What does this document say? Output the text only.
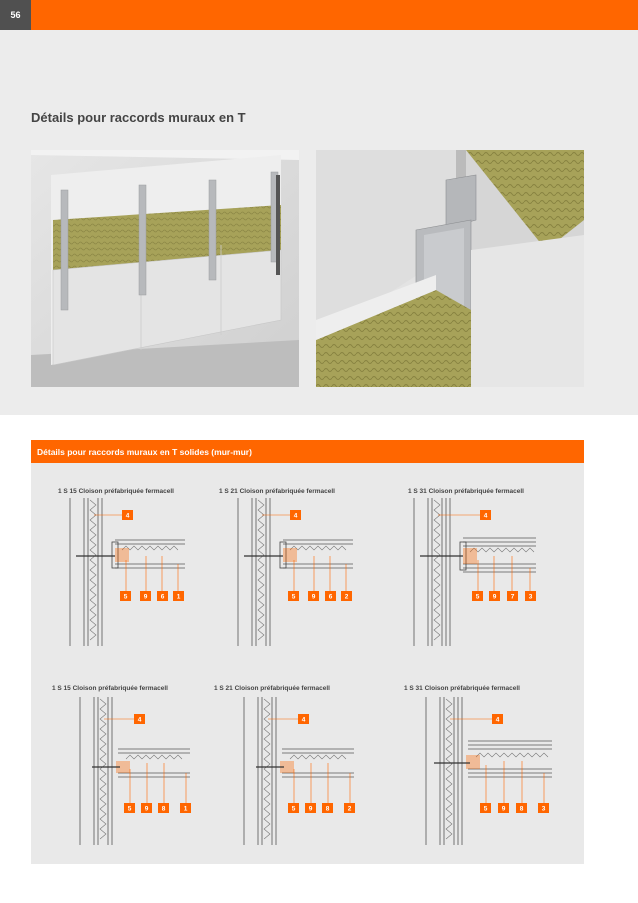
56
Détails pour raccords muraux en T
Détails pour raccords muraux en T solides (mur-mur)
1 S 15 Cloison préfabriquée fermacell	1 S 21 Cloison préfabriquée fermacell	1 S 31 Cloison préfabriquée fermacell
1 S 15 Cloison préfabriquée fermacell	1 S 21 Cloison préfabriquée fermacell	1 S 31 Cloison préfabriquée fermacell
4
5	9 6 1
4
5	9 6 2
4
5 9 7 3
4
5 9 8	1
4
5 9 8	2
4
5 9 8	3
